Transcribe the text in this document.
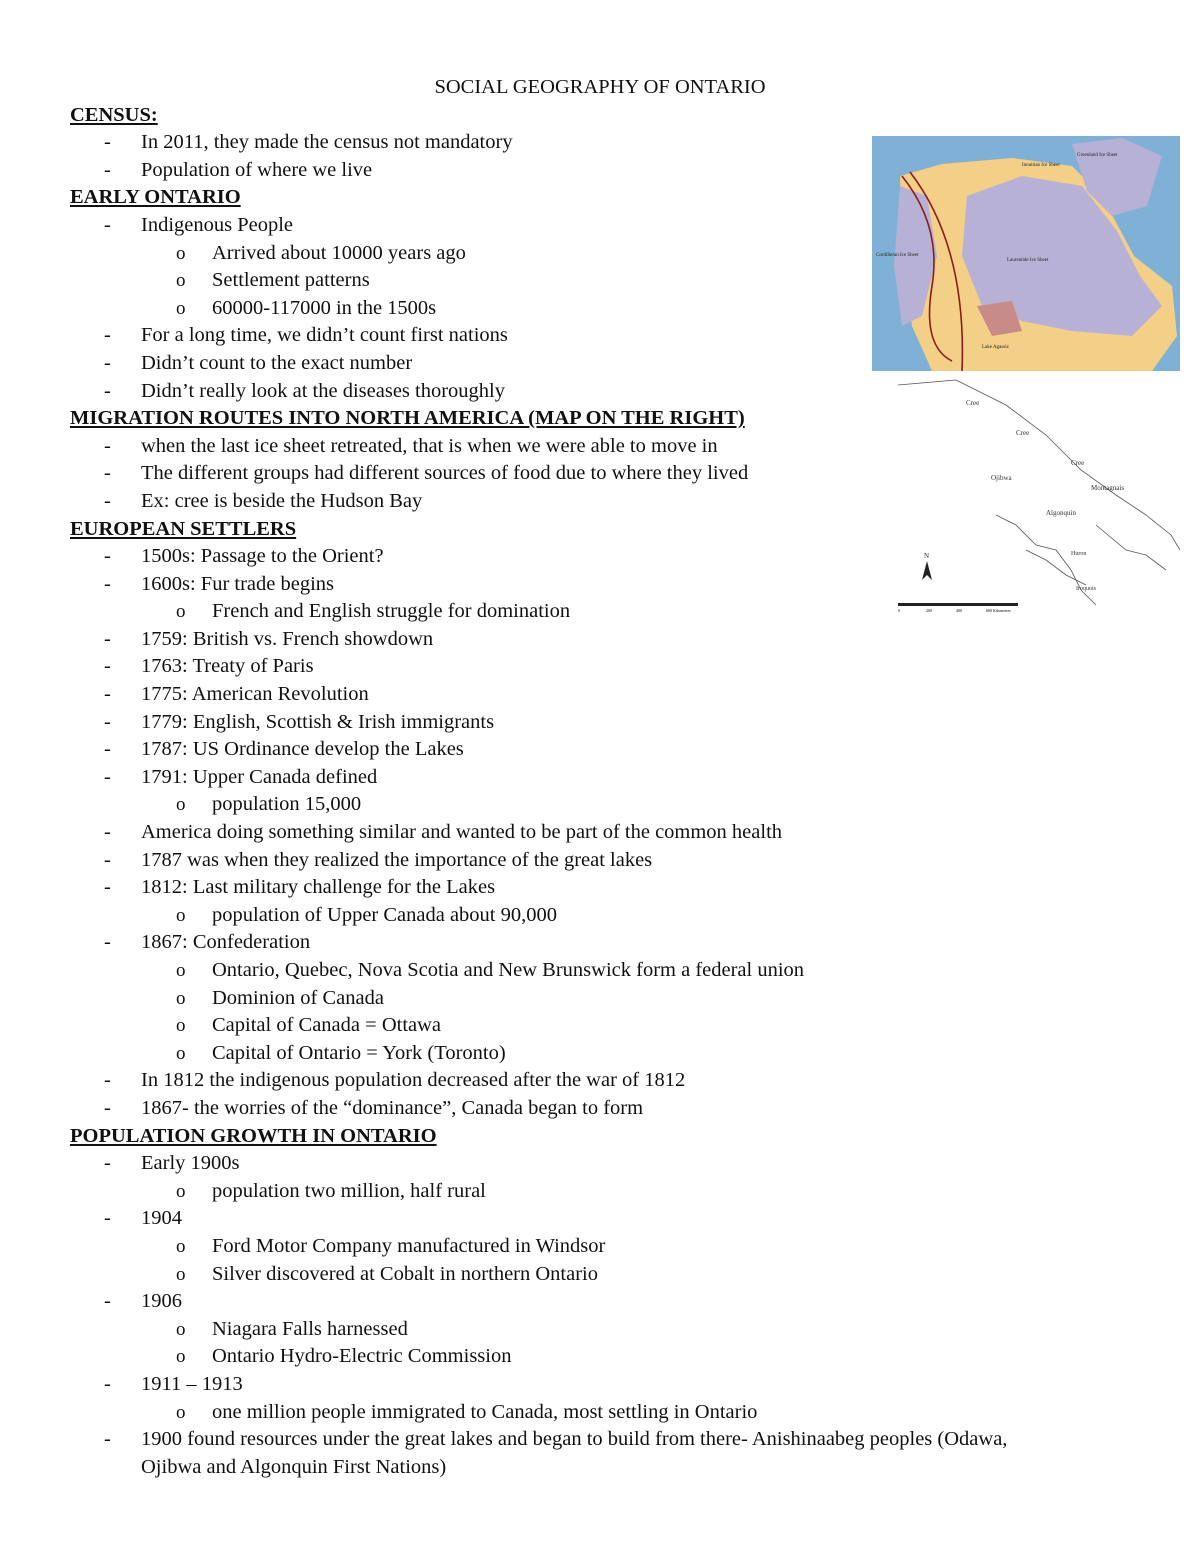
SOCIAL GEOGRAPHY OF ONTARIO
CENSUS:
- In 2011, they made the census not mandatory
- Population of where we live
EARLY ONTARIO
- Indigenous People
o Arrived about 10000 years ago
o Settlement patterns
o 60000-117000 in the 1500s
- For a long time, we didn’t count first nations
- Didn’t count to the exact number
- Didn’t really look at the diseases thoroughly
MIGRATION ROUTES INTO NORTH AMERICA (MAP ON THE RIGHT)
- when the last ice sheet retreated, that is when we were able to move in
- The different groups had different sources of food due to where they lived
- Ex: cree is beside the Hudson Bay
EUROPEAN SETTLERS
- 1500s: Passage to the Orient?
- 1600s: Fur trade begins
o French and English struggle for domination
- 1759: British vs. French showdown
- 1763: Treaty of Paris
- 1775: American Revolution
- 1779: English, Scottish & Irish immigrants
- 1787: US Ordinance develop the Lakes
- 1791: Upper Canada defined
o population 15,000
- America doing something similar and wanted to be part of the common health
- 1787 was when they realized the importance of the great lakes
- 1812: Last military challenge for the Lakes
o population of Upper Canada about 90,000
- 1867: Confederation
o Ontario, Quebec, Nova Scotia and New Brunswick form a federal union
o Dominion of Canada
o Capital of Canada = Ottawa
o Capital of Ontario = York (Toronto)
- In 1812 the indigenous population decreased after the war of 1812
- 1867- the worries of the “dominance”, Canada began to form
POPULATION GROWTH IN ONTARIO
- Early 1900s
o population two million, half rural
- 1904
o Ford Motor Company manufactured in Windsor
o Silver discovered at Cobalt in northern Ontario
- 1906
o Niagara Falls harnessed
o Ontario Hydro-Electric Commission
- 1911 – 1913
o one million people immigrated to Canada, most settling in Ontario
- 1900 found resources under the great lakes and began to build from there- Anishinaabeg peoples (Odawa, Ojibwa and Algonquin First Nations)
Greenland Ice Sheet
Innuitian Ice Sheet
Cordilleran Ice Sheet
Laurentide Ice Sheet
Lake Agassiz
Cree
Cree
Cree
Ojibwa
Montagnais
Algonquin
Huron
Iroquois
N
0	200	400	600 Kilometres
